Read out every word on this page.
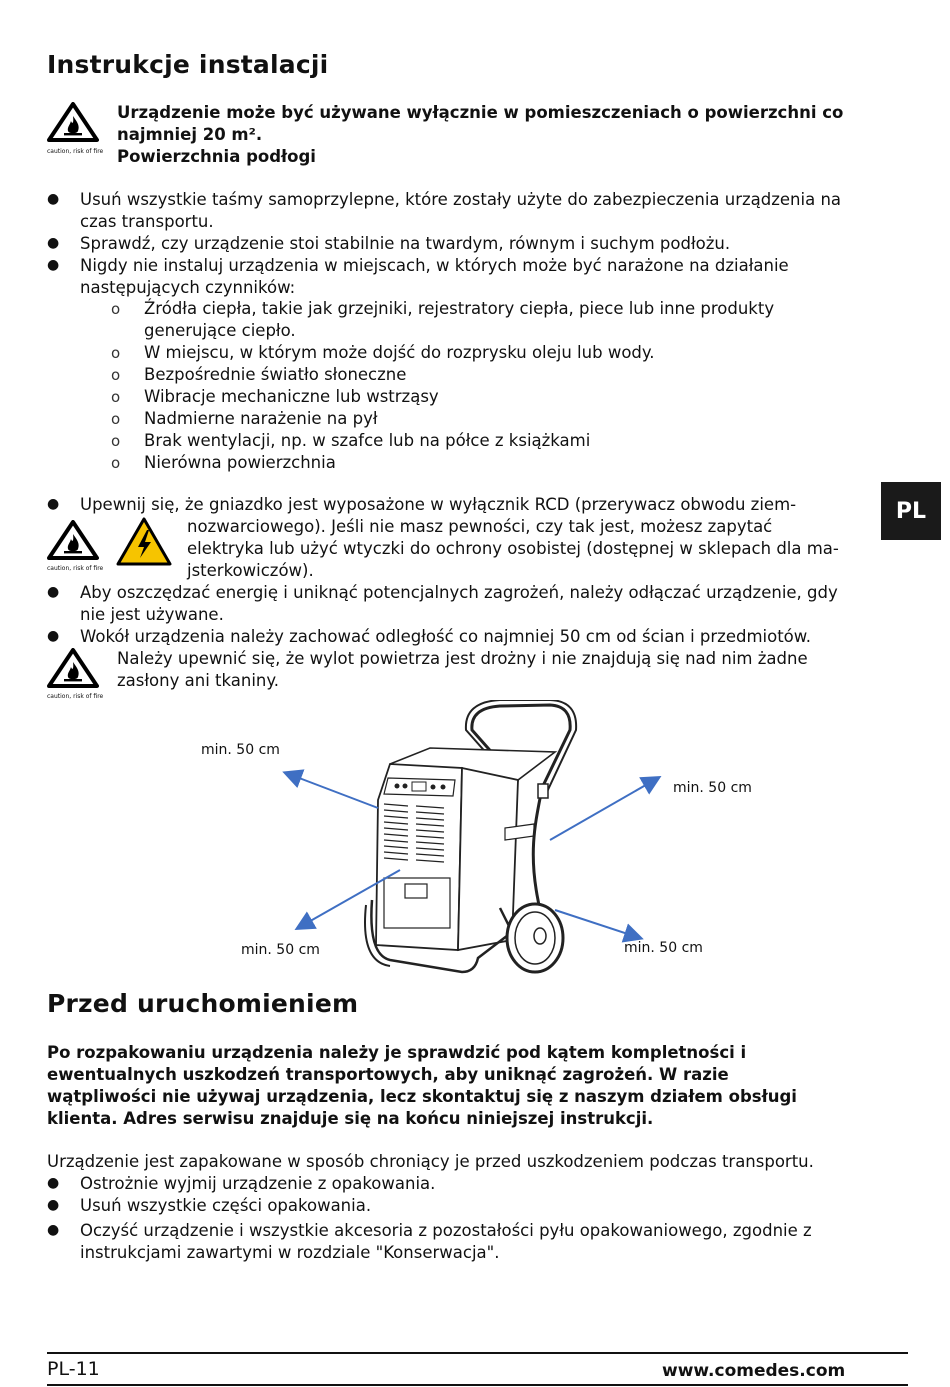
Instrukcje instalacji
caution, risk of fire
Urządzenie może być używane wyłącznie w pomieszczeniach o powierzchni co
najmniej 20 m².
Powierzchnia podłogi
● Usuń wszystkie taśmy samoprzylepne, które zostały użyte do zabezpieczenia urządzenia na
czas transportu.
● Sprawdź, czy urządzenie stoi stabilnie na twardym, równym i suchym podłożu.
● Nigdy nie instaluj urządzenia w miejscach, w których może być narażone na działanie
następujących czynników:
o Źródła ciepła, takie jak grzejniki, rejestratory ciepła, piece lub inne produkty
generujące ciepło.
o W miejscu, w którym może dojść do rozprysku oleju lub wody.
o Bezpośrednie światło słoneczne
o Wibracje mechaniczne lub wstrząsy
o Nadmierne narażenie na pył
o Brak wentylacji, np. w szafce lub na półce z książkami
o Nierówna powierzchnia
● Upewnij się, że gniazdko jest wyposażone w wyłącznik RCD (przerywacz obwodu ziem-
nozwarciowego). Jeśli nie masz pewności, czy tak jest, możesz zapytać
elektryka lub użyć wtyczki do ochrony osobistej (dostępnej w sklepach dla ma-
jsterkowiczów).
caution, risk of fire
● Aby oszczędzać energię i uniknąć potencjalnych zagrożeń, należy odłączać urządzenie, gdy
nie jest używane.
● Wokół urządzenia należy zachować odległość co najmniej 50 cm od ścian i przedmiotów.
caution, risk of fire
Należy upewnić się, że wylot powietrza jest drożny i nie znajdują się nad nim żadne
zasłony ani tkaniny.
PL
min. 50 cm
min. 50 cm
min. 50 cm	min. 50 cm
Przed uruchomieniem
Po rozpakowaniu urządzenia należy je sprawdzić pod kątem kompletności i
ewentualnych uszkodzeń transportowych, aby uniknąć zagrożeń. W razie
wątpliwości nie używaj urządzenia, lecz skontaktuj się z naszym działem obsługi
klienta. Adres serwisu znajduje się na końcu niniejszej instrukcji.
Urządzenie jest zapakowane w sposób chroniący je przed uszkodzeniem podczas transportu.
● Ostrożnie wyjmij urządzenie z opakowania.
● Usuń wszystkie części opakowania.
● Oczyść urządzenie i wszystkie akcesoria z pozostałości pyłu opakowaniowego, zgodnie z
instrukcjami zawartymi w rozdziale "Konserwacja".
PL-11	www.comedes.com
